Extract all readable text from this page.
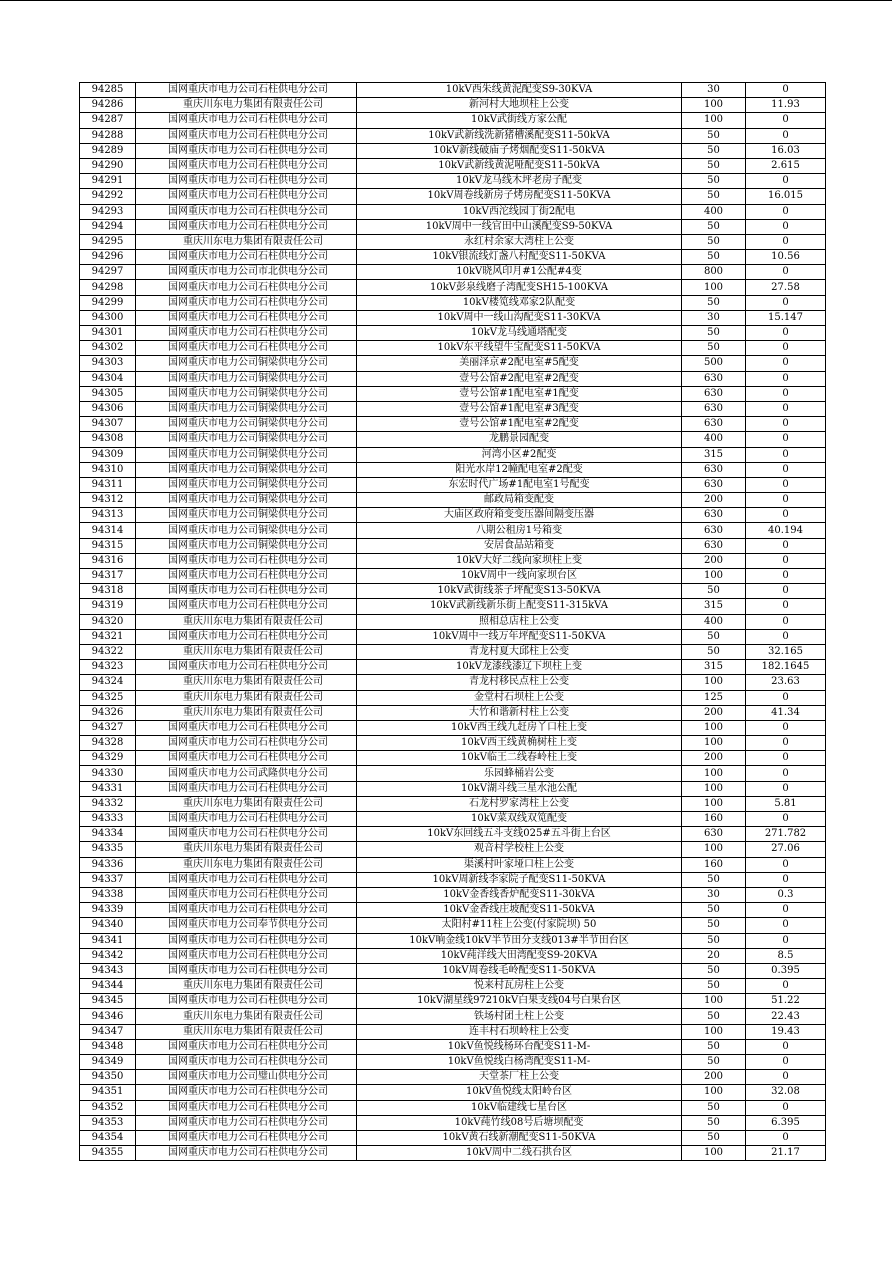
94285	国网重庆市电力公司石柱供电分公司	10kV西朱线黄泥配变S9-30KVA	30	0
94286	重庆川东电力集团有限责任公司	新河村大地坝柱上公变	100	11.93
94287	国网重庆市电力公司石柱供电分公司	10kV武街线方家公配	100	0
94288	国网重庆市电力公司石柱供电分公司	10kV武新线洗新猪槽溪配变S11-50kVA	50	0
94289	国网重庆市电力公司石柱供电分公司	10kV新线破庙子烤烟配变S11-50kVA	50	16.03
94290	国网重庆市电力公司石柱供电分公司	10kV武新线黄泥哑配变S11-50kVA	50	2.615
94291	国网重庆市电力公司石柱供电分公司	10kV龙马线木坪老房子配变	50	0
94292	国网重庆市电力公司石柱供电分公司	10kV周卷线新房子烤房配变S11-50KVA	50	16.015
94293	国网重庆市电力公司石柱供电分公司	10kV西沱线园丁街2配电	400	0
94294	国网重庆市电力公司石柱供电分公司	10kV周中一线官田中山溪配变S9-50KVA	50	0
94295	重庆川东电力集团有限责任公司	永红村余家大湾柱上公变	50	0
94296	国网重庆市电力公司石柱供电分公司	10kV银流线灯盏八村配变S11-50KVA	50	10.56
94297	国网重庆市电力公司市北供电分公司	10kV晓风印月#1公配#4变	800	0
94298	国网重庆市电力公司石柱供电分公司	10kV彭泉线磨子湾配变SH15-100KVA	100	27.58
94299	国网重庆市电力公司石柱供电分公司	10kV楼笕线邓家2队配变	50	0
94300	国网重庆市电力公司石柱供电分公司	10kV周中一线山沟配变S11-30KVA	30	15.147
94301	国网重庆市电力公司石柱供电分公司	10kV龙马线通塔配变	50	0
94302	国网重庆市电力公司石柱供电分公司	10kV东平线望牛宝配变S11-50KVA	50	0
94303	国网重庆市电力公司铜梁供电分公司	美丽泽京#2配电室#5配变	500	0
94304	国网重庆市电力公司铜梁供电分公司	壹号公馆#2配电室#2配变	630	0
94305	国网重庆市电力公司铜梁供电分公司	壹号公馆#1配电室#1配变	630	0
94306	国网重庆市电力公司铜梁供电分公司	壹号公馆#1配电室#3配变	630	0
94307	国网重庆市电力公司铜梁供电分公司	壹号公馆#1配电室#2配变	630	0
94308	国网重庆市电力公司铜梁供电分公司	龙鹏景园配变	400	0
94309	国网重庆市电力公司铜梁供电分公司	河湾小区#2配变	315	0
94310	国网重庆市电力公司铜梁供电分公司	阳光水岸12幢配电室#2配变	630	0
94311	国网重庆市电力公司铜梁供电分公司	东宏时代广场#1配电室1号配变	630	0
94312	国网重庆市电力公司铜梁供电分公司	邮政局箱变配变	200	0
94313	国网重庆市电力公司铜梁供电分公司	大庙区政府箱变变压器间隔变压器	630	0
94314	国网重庆市电力公司铜梁供电分公司	八期公租房1号箱变	630	40.194
94315	国网重庆市电力公司铜梁供电分公司	安居食品站箱变	630	0
94316	国网重庆市电力公司石柱供电分公司	10kV大好二线向家坝柱上变	200	0
94317	国网重庆市电力公司石柱供电分公司	10kV周中一线向家坝台区	100	0
94318	国网重庆市电力公司石柱供电分公司	10kV武街线茶子坪配变S13-50KVA	50	0
94319	国网重庆市电力公司石柱供电分公司	10kV武新线新乐街上配变S11-315kVA	315	0
94320	重庆川东电力集团有限责任公司	照相总店柱上公变	400	0
94321	国网重庆市电力公司石柱供电分公司	10kV周中一线万年坪配变S11-50KVA	50	0
94322	重庆川东电力集团有限责任公司	青龙村夏大邱柱上公变	50	32.165
94323	国网重庆市电力公司石柱供电分公司	10kV龙漆线漆辽下坝柱上变	315	182.1645
94324	重庆川东电力集团有限责任公司	青龙村移民点柱上公变	100	23.63
94325	重庆川东电力集团有限责任公司	金堂村石坝柱上公变	125	0
94326	重庆川东电力集团有限责任公司	大竹和谐新村柱上公变	200	41.34
94327	国网重庆市电力公司石柱供电分公司	10kV西王线九赶房丫口柱上变	100	0
94328	国网重庆市电力公司石柱供电分公司	10kV西王线黄桷树柱上变	100	0
94329	国网重庆市电力公司石柱供电分公司	10kV临王二线春岭柱上变	200	0
94330	国网重庆市电力公司武隆供电分公司	乐园蜂桶岩公变	100	0
94331	国网重庆市电力公司石柱供电分公司	10kV湖斗线三星水池公配	100	0
94332	重庆川东电力集团有限责任公司	石龙村罗家湾柱上公变	100	5.81
94333	国网重庆市电力公司石柱供电分公司	10kV菜双线双笕配变	160	0
94334	国网重庆市电力公司石柱供电分公司	10kV东回线五斗支线025#五斗街上台区	630	271.782
94335	重庆川东电力集团有限责任公司	观音村学校柱上公变	100	27.06
94336	重庆川东电力集团有限责任公司	渠溪村叶家垭口柱上公变	160	0
94337	国网重庆市电力公司石柱供电分公司	10kV周新线李家院子配变S11-50KVA	50	0
94338	国网重庆市电力公司石柱供电分公司	10kV金香线香炉配变S11-30kVA	30	0.3
94339	国网重庆市电力公司石柱供电分公司	10kV金香线庄坡配变S11-50kVA	50	0
94340	国网重庆市电力公司奉节供电分公司	太阳村#11柱上公变(付家院坝) 50	50	0
94341	国网重庆市电力公司石柱供电分公司	10kV响金线10kV半节田分支线013#半节田台区	50	0
94342	国网重庆市电力公司石柱供电分公司	10kV莼洋线大田湾配变S9-20KVA	20	8.5
94343	国网重庆市电力公司石柱供电分公司	10kV周卷线毛岭配变S11-50KVA	50	0.395
94344	重庆川东电力集团有限责任公司	悦来村瓦房柱上公变	50	0
94345	国网重庆市电力公司石柱供电分公司	10kV湖星线97210kV白果支线04号白果台区	100	51.22
94346	重庆川东电力集团有限责任公司	铁场村团土柱上公变	50	22.43
94347	重庆川东电力集团有限责任公司	连丰村石坝岭柱上公变	100	19.43
94348	国网重庆市电力公司石柱供电分公司	10kV鱼悦线杨环台配变S11-M-	50	0
94349	国网重庆市电力公司石柱供电分公司	10kV鱼悦线白杨湾配变S11-M-	50	0
94350	国网重庆市电力公司璧山供电分公司	天堂茶厂柱上公变	200	0
94351	国网重庆市电力公司石柱供电分公司	10kV鱼悦线太阳岭台区	100	32.08
94352	国网重庆市电力公司石柱供电分公司	10kV临建线七星台区	50	0
94353	国网重庆市电力公司石柱供电分公司	10kV莼竹线08号后塘坝配变	50	6.395
94354	国网重庆市电力公司石柱供电分公司	10kV黄石线新潮配变S11-50KVA	50	0
94355	国网重庆市电力公司石柱供电分公司	10kV周中二线石拱台区	100	21.17
